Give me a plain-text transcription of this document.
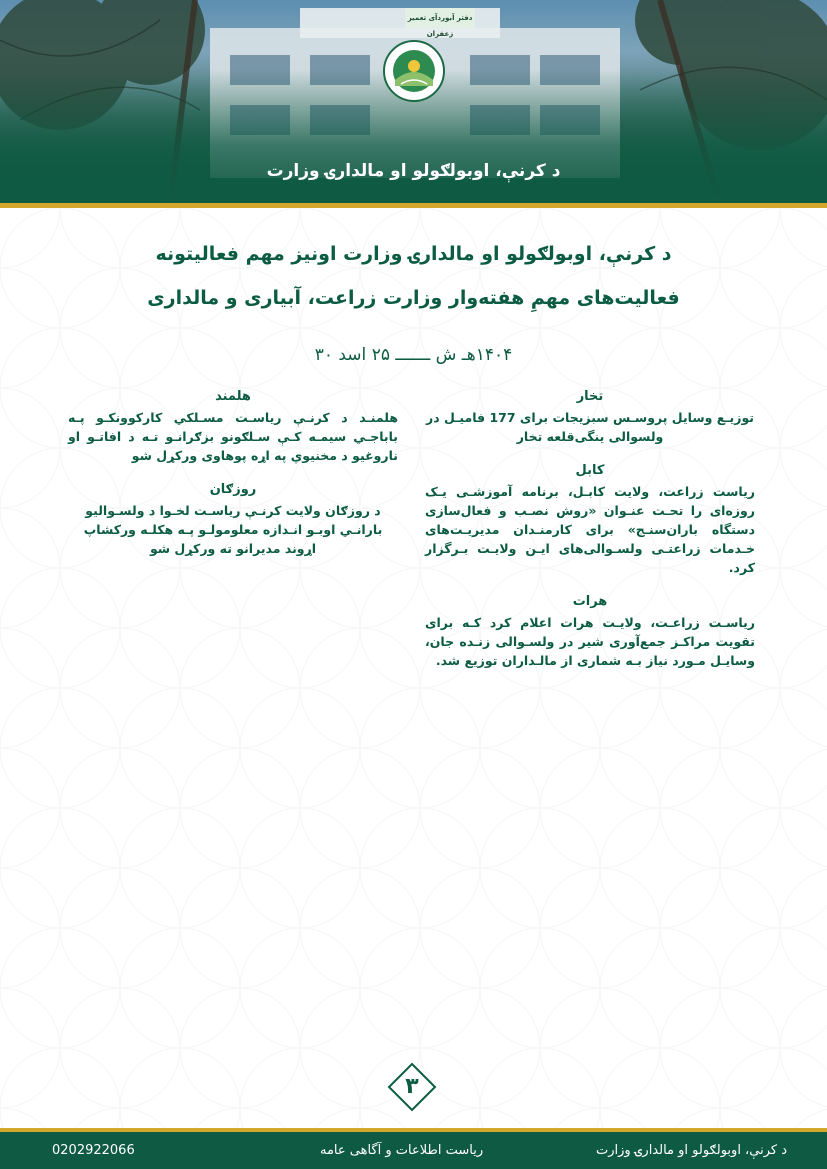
دفتر آبوردآی تعمیر زعفران
د کرنې، اوبولګولو او مالدارۍ وزارت
د کرنې، اوبولګولو او مالدارۍ وزارت اونیز مهم فعالیتونه
فعالیت‌های مهمِ هفته‌وار وزارت زراعت، آبیاری و مالداری
۱۴۰۴هـ ش ـــــــ ۲۵ اسد ۳۰
تخار
توزیـع وسایل پروسـس سبزیجات برای 177 فامیـل در ولسوالی ینگی‌قلعه تخار
کابل
ریاست زراعت، ولایت کابـل، برنامه آموزشـی یـک روزه‌ای را تحـت عنـوان «روش نصـب و فعال‌سازی دستگاه باران‌سنـج» برای کارمنـدان مدیریـت‌های خـدمات زراعتـی ولسـوالی‌های ایـن ولایـت بـرگزار کرد.
هرات
ریاسـت زراعـت، ولایـت هرات اعلام کرد کـه برای تقویت مراکـز جمع‌آوری شیر در ولسـوالی زنـده جان، وسایـل مـورد نیاز بـه شماری از مالـداران توزیع شد.
هلمند
هلمنـد د کرنـې ریاسـت مسـلکي کارکوونکـو پـه باباجـي سیمـه کـې سـلګونو بزګرانـو تـه د افاتـو او ناروغیو د مخنیوي په اړه پوهاوی ورکړل شو
روزګان
د روزګان ولایت کرنـې ریاسـت لخـوا د ولسـوالیو بارانـي اوبـو انـدازه معلومولـو پـه هکلـه ورکشاپ اړوند مدیرانو ته ورکړل شو
۳
د کرنې، اوبولګولو او مالدارۍ وزارت
ریاست اطلاعات و آگاهی عامه
0202922066
